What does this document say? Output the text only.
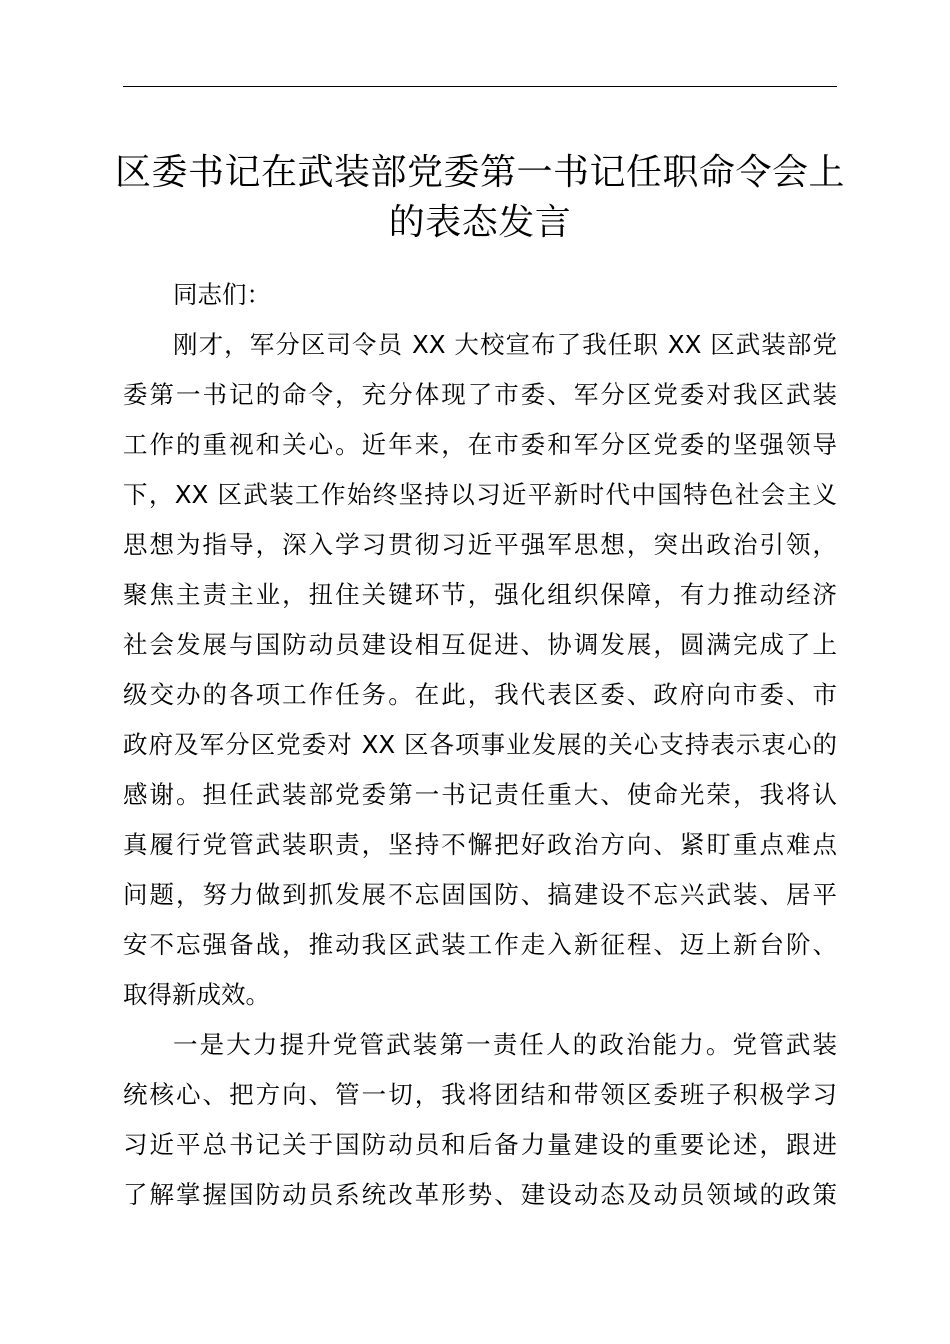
区委书记在武装部党委第一书记任职命令会上
的表态发言

同志们：

刚才，军分区司令员 XX 大校宣布了我任职 XX 区武装部党
委第一书记的命令，充分体现了市委、军分区党委对我区武装
工作的重视和关心。近年来，在市委和军分区党委的坚强领导
下，XX 区武装工作始终坚持以习近平新时代中国特色社会主义
思想为指导，深入学习贯彻习近平强军思想，突出政治引领，
聚焦主责主业，扭住关键环节，强化组织保障，有力推动经济
社会发展与国防动员建设相互促进、协调发展，圆满完成了上
级交办的各项工作任务。在此，我代表区委、政府向市委、市
政府及军分区党委对 XX 区各项事业发展的关心支持表示衷心的
感谢。担任武装部党委第一书记责任重大、使命光荣，我将认
真履行党管武装职责，坚持不懈把好政治方向、紧盯重点难点
问题，努力做到抓发展不忘固国防、搞建设不忘兴武装、居平
安不忘强备战，推动我区武装工作走入新征程、迈上新台阶、
取得新成效。
一是大力提升党管武装第一责任人的政治能力。党管武装
统核心、把方向、管一切，我将团结和带领区委班子积极学习
习近平总书记关于国防动员和后备力量建设的重要论述，跟进
了解掌握国防动员系统改革形势、建设动态及动员领域的政策
